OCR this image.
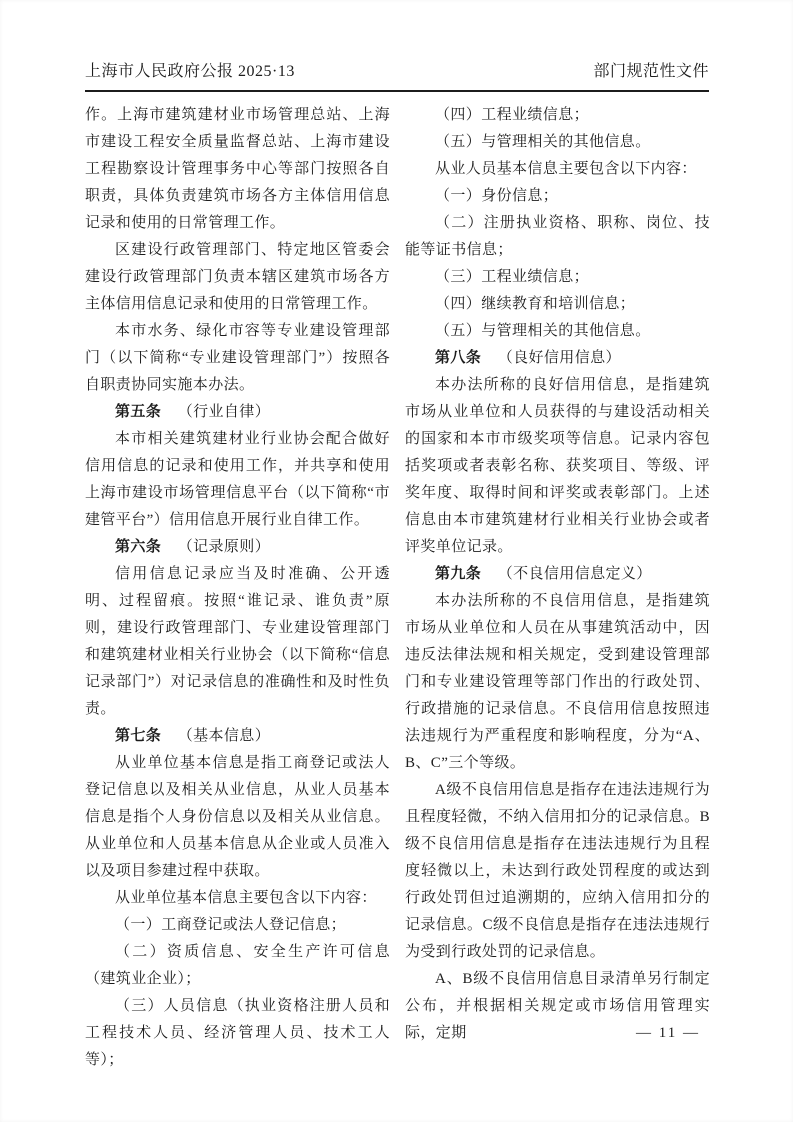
上海市人民政府公报 2025·13	部门规范性文件

作。上海市建筑建材业市场管理总站、上海市建设工程安全质量监督总站、上海市建设工程勘察设计管理事务中心等部门按照各自职责，具体负责建筑市场各方主体信用信息记录和使用的日常管理工作。

区建设行政管理部门、特定地区管委会建设行政管理部门负责本辖区建筑市场各方主体信用信息记录和使用的日常管理工作。

本市水务、绿化市容等专业建设管理部门（以下简称“专业建设管理部门”）按照各自职责协同实施本办法。

第五条 （行业自律）

本市相关建筑建材业行业协会配合做好信用信息的记录和使用工作，并共享和使用上海市建设市场管理信息平台（以下简称“市建管平台”）信用信息开展行业自律工作。

第六条 （记录原则）

信用信息记录应当及时准确、公开透明、过程留痕。按照“谁记录、谁负责”原则，建设行政管理部门、专业建设管理部门和建筑建材业相关行业协会（以下简称“信息记录部门”）对记录信息的准确性和及时性负责。

第七条 （基本信息）

从业单位基本信息是指工商登记或法人登记信息以及相关从业信息，从业人员基本信息是指个人身份信息以及相关从业信息。从业单位和人员基本信息从企业或人员准入以及项目参建过程中获取。

从业单位基本信息主要包含以下内容：

（一）工商登记或法人登记信息；

（二）资质信息、安全生产许可信息（建筑业企业）；

（三）人员信息（执业资格注册人员和工程技术人员、经济管理人员、技术工人等）；

（四）工程业绩信息；

（五）与管理相关的其他信息。

从业人员基本信息主要包含以下内容：

（一）身份信息；

（二）注册执业资格、职称、岗位、技能等证书信息；

（三）工程业绩信息；

（四）继续教育和培训信息；

（五）与管理相关的其他信息。

第八条 （良好信用信息）

本办法所称的良好信用信息，是指建筑市场从业单位和人员获得的与建设活动相关的国家和本市市级奖项等信息。记录内容包括奖项或者表彰名称、获奖项目、等级、评奖年度、取得时间和评奖或表彰部门。上述信息由本市建筑建材行业相关行业协会或者评奖单位记录。

第九条 （不良信用信息定义）

本办法所称的不良信用信息，是指建筑市场从业单位和人员在从事建筑活动中，因违反法律法规和相关规定，受到建设管理部门和专业建设管理等部门作出的行政处罚、行政措施的记录信息。不良信用信息按照违法违规行为严重程度和影响程度，分为“A、B、C”三个等级。

A级不良信用信息是指存在违法违规行为且程度轻微，不纳入信用扣分的记录信息。B级不良信用信息是指存在违法违规行为且程度轻微以上，未达到行政处罚程度的或达到行政处罚但过追溯期的，应纳入信用扣分的记录信息。C级不良信息是指存在违法违规行为受到行政处罚的记录信息。

A、B级不良信用信息目录清单另行制定公布，并根据相关规定或市场信用管理实际，定期	— 11 —
